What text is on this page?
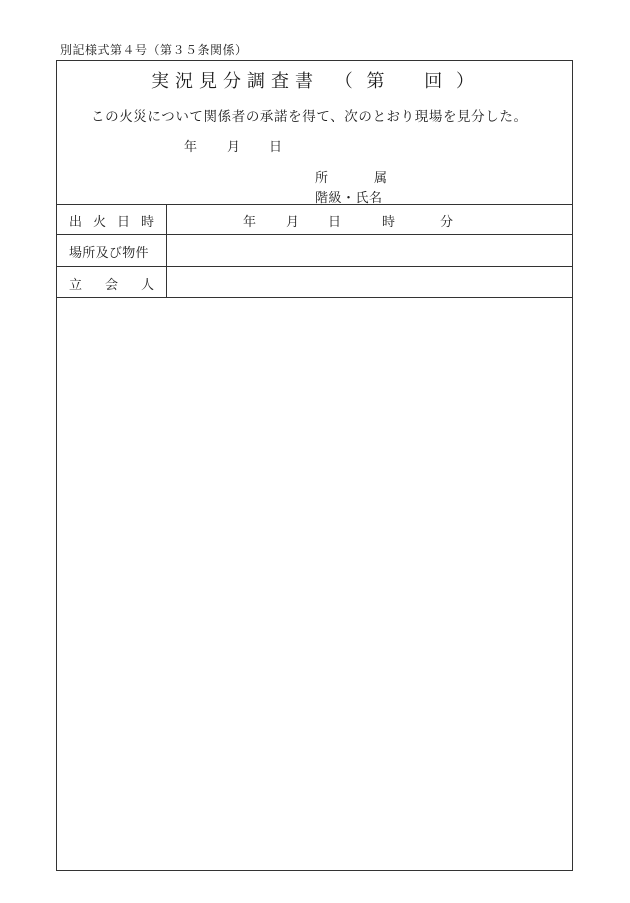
別記様式第４号（第３５条関係）
実況見分調査書 （ 第 回 ）
この火災について関係者の承諾を得て、次のとおり現場を見分した。
年 月 日
所	属
階級・氏名
出 火 日 時	年 月 日	時	分
場所及び物件
立 会 人
